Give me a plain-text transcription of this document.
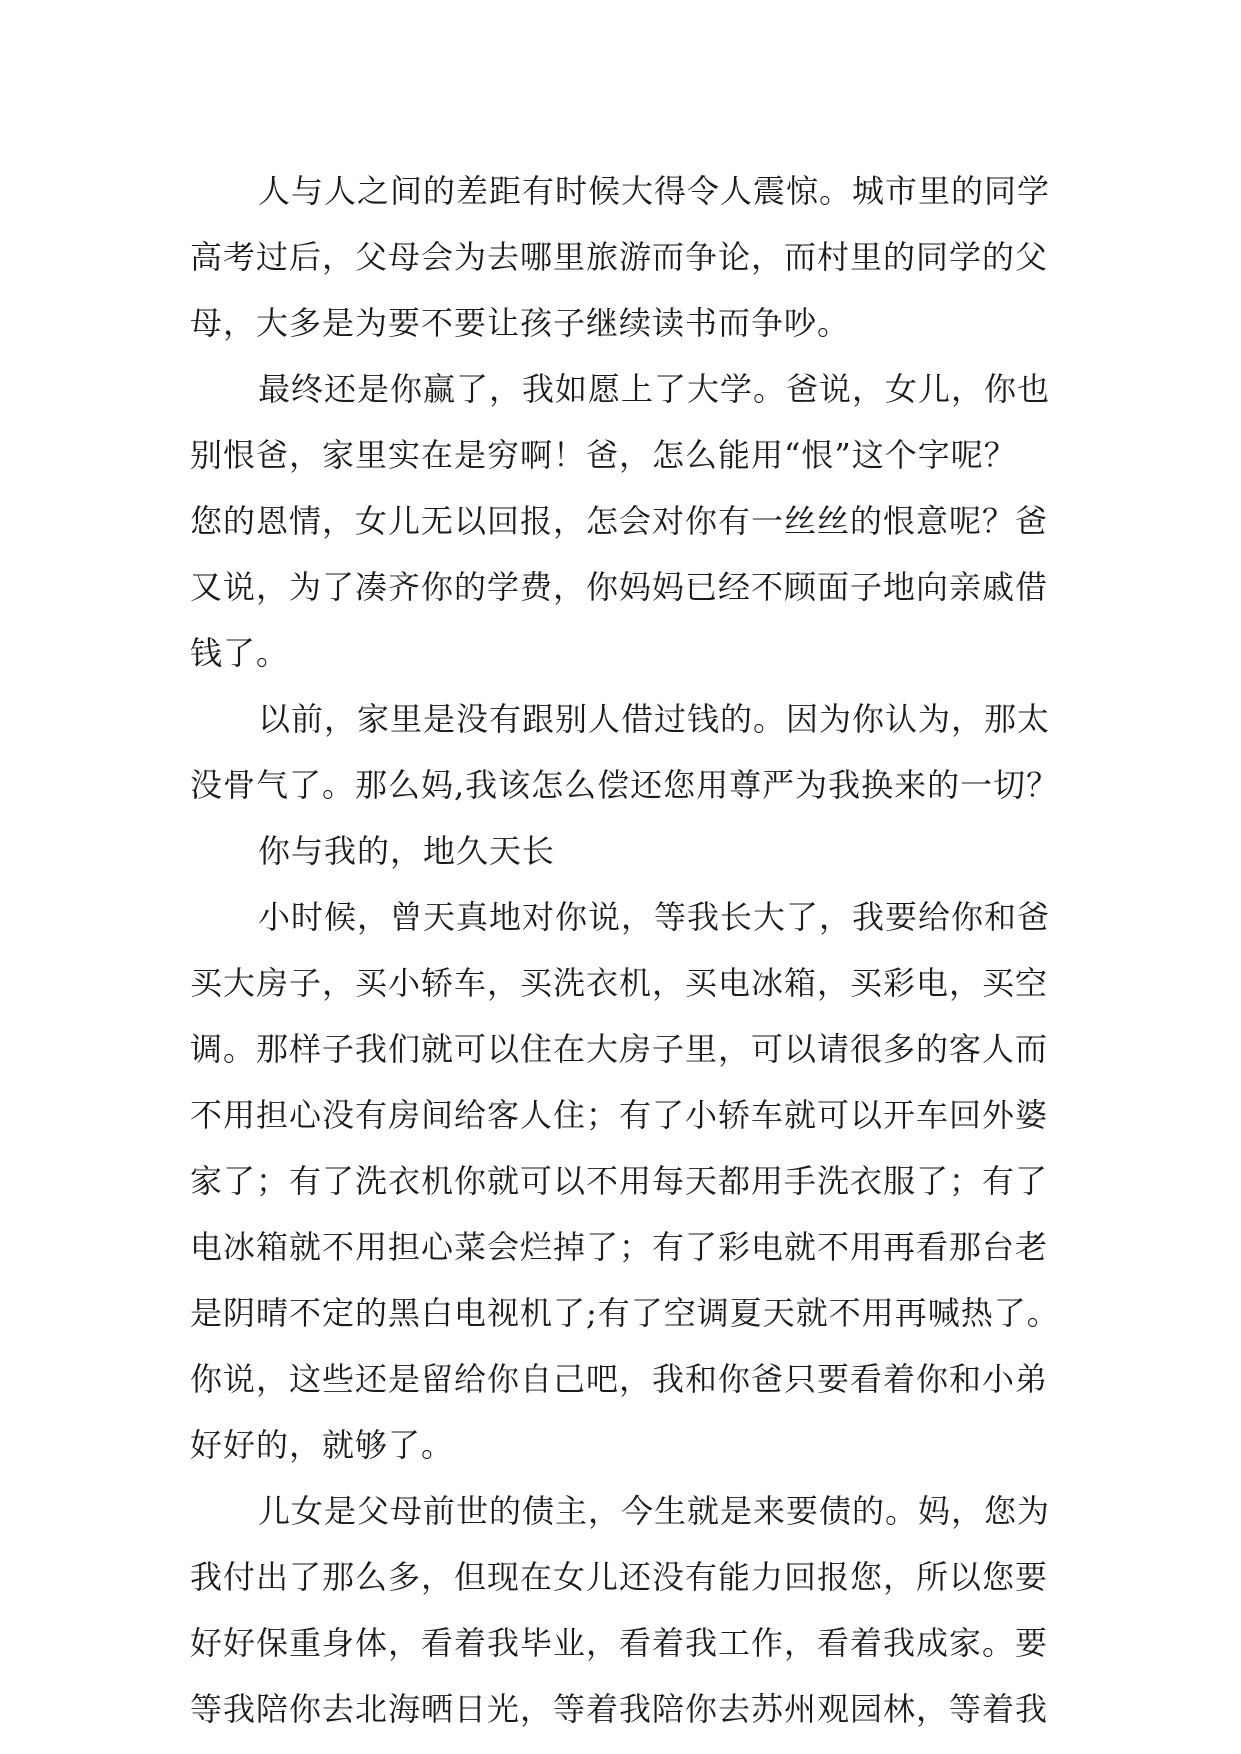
人与人之间的差距有时候大得令人震惊。城市里的同学
高考过后，父母会为去哪里旅游而争论，而村里的同学的父
母，大多是为要不要让孩子继续读书而争吵。
最终还是你赢了，我如愿上了大学。爸说，女儿，你也
别恨爸，家里实在是穷啊！爸，怎么能用“恨”这个字呢？
您的恩情，女儿无以回报，怎会对你有一丝丝的恨意呢？爸
又说，为了凑齐你的学费，你妈妈已经不顾面子地向亲戚借
钱了。
以前，家里是没有跟别人借过钱的。因为你认为，那太
没骨气了。那么妈,我该怎么偿还您用尊严为我换来的一切？
你与我的，地久天长
小时候，曾天真地对你说，等我长大了，我要给你和爸
买大房子，买小轿车，买洗衣机，买电冰箱，买彩电，买空
调。那样子我们就可以住在大房子里，可以请很多的客人而
不用担心没有房间给客人住；有了小轿车就可以开车回外婆
家了；有了洗衣机你就可以不用每天都用手洗衣服了；有了
电冰箱就不用担心菜会烂掉了；有了彩电就不用再看那台老
是阴晴不定的黑白电视机了;有了空调夏天就不用再喊热了。
你说，这些还是留给你自己吧，我和你爸只要看着你和小弟
好好的，就够了。
儿女是父母前世的债主，今生就是来要债的。妈，您为
我付出了那么多，但现在女儿还没有能力回报您，所以您要
好好保重身体，看着我毕业，看着我工作，看着我成家。要
等我陪你去北海晒日光，等着我陪你去苏州观园林，等着我
